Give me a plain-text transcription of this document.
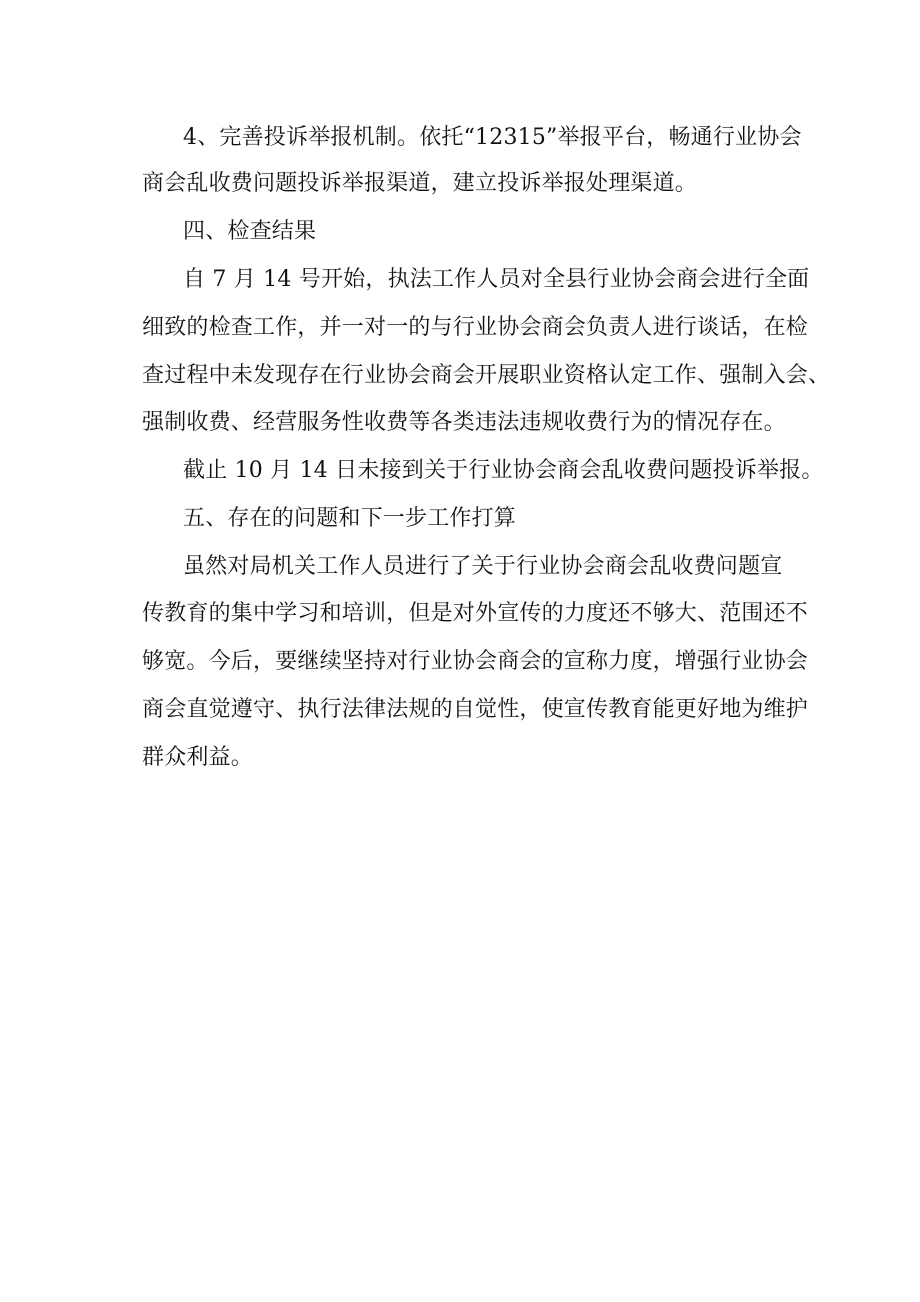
4、完善投诉举报机制。依托“12315”举报平台，畅通行业协会

商会乱收费问题投诉举报渠道，建立投诉举报处理渠道。

四、检查结果

自 7 月 14 号开始，执法工作人员对全县行业协会商会进行全面

细致的检查工作，并一对一的与行业协会商会负责人进行谈话，在检

查过程中未发现存在行业协会商会开展职业资格认定工作、强制入会、

强制收费、经营服务性收费等各类违法违规收费行为的情况存在。

截止 10 月 14 日未接到关于行业协会商会乱收费问题投诉举报。

五、存在的问题和下一步工作打算

虽然对局机关工作人员进行了关于行业协会商会乱收费问题宣

传教育的集中学习和培训，但是对外宣传的力度还不够大、范围还不

够宽。今后，要继续坚持对行业协会商会的宣称力度，增强行业协会

商会直觉遵守、执行法律法规的自觉性，使宣传教育能更好地为维护

群众利益。
